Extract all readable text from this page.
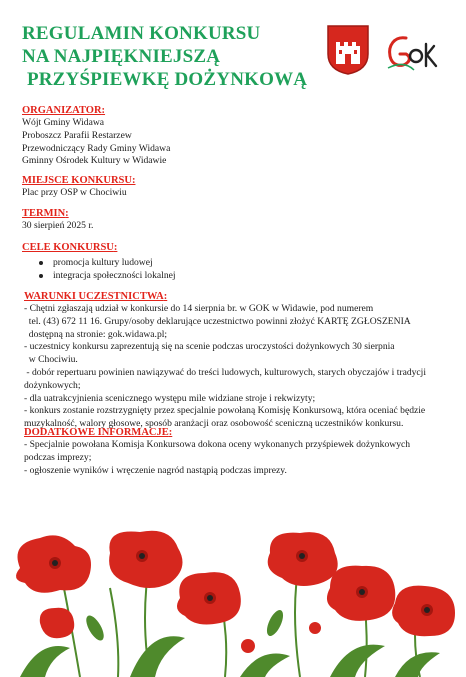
REGULAMIN KONKURSU
NA NAJPIĘKNIEJSZĄ
PRZYŚPIEWKĘ DOŻYNKOWĄ
ORGANIZATOR:
Wójt Gminy Widawa
Proboszcz Parafii Restarzew
Przewodniczący Rady Gminy Widawa
Gminny Ośrodek Kultury w Widawie
MIEJSCE KONKURSU:
Plac przy OSP w Chociwiu
TERMIN:
30 sierpień 2025 r.
CELE KONKURSU:
promocja kultury ludowej
integracja społeczności lokalnej
WARUNKI UCZESTNICTWA:
- Chętni zgłaszają udział w konkursie do 14 sierpnia br. w GOK w Widawie, pod numerem
tel. (43) 672 11 16. Grupy/osoby deklarujące uczestnictwo powinni złożyć KARTĘ ZGŁOSZENIA
dostępną na stronie: gok.widawa.pl;
- uczestnicy konkursu zaprezentują się na scenie podczas uroczystości dożynkowych 30 sierpnia
w Chociwiu.
- dobór repertuaru powinien nawiązywać do treści ludowych, kulturowych, starych obyczajów i tradycji
dożynkowych;
- dla uatrakcyjnienia scenicznego występu mile widziane stroje i rekwizyty;
- konkurs zostanie rozstrzygnięty przez specjalnie powołaną Komisję Konkursową, która oceniać będzie
muzykalność, walory głosowe, sposób aranżacji oraz osobowość sceniczną uczestników konkursu.
DODATKOWE INFORMACJE:
- Specjalnie powołana Komisja Konkursowa dokona oceny wykonanych przyśpiewek dożynkowych
podczas imprezy;
- ogłoszenie wyników i wręczenie nagród nastąpią podczas imprezy.
